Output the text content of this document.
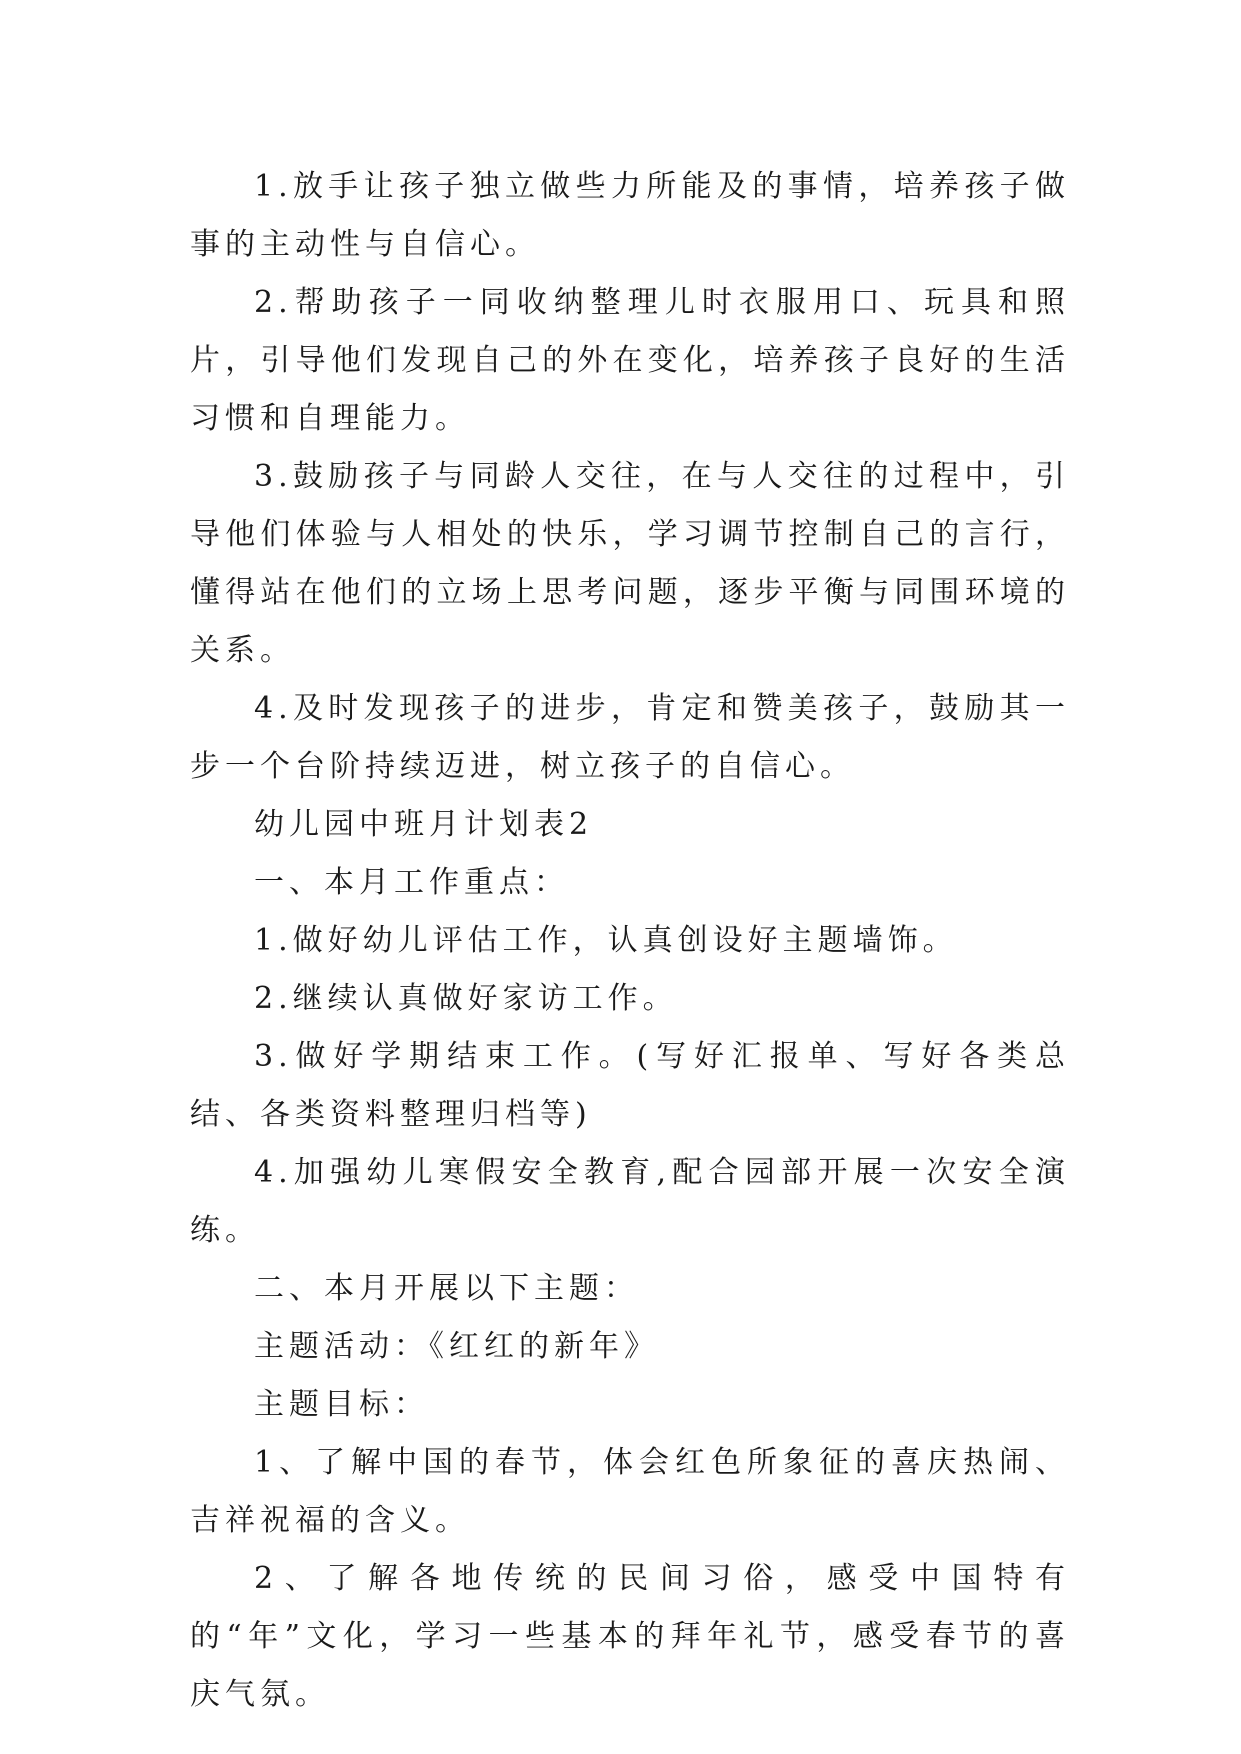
1.放手让孩子独立做些力所能及的事情，培养孩子做事的主动性与自信心。

2.帮助孩子一同收纳整理儿时衣服用口、玩具和照片，引导他们发现自己的外在变化，培养孩子良好的生活习惯和自理能力。

3.鼓励孩子与同龄人交往，在与人交往的过程中，引导他们体验与人相处的快乐，学习调节控制自己的言行，懂得站在他们的立场上思考问题，逐步平衡与同围环境的关系。

4.及时发现孩子的进步，肯定和赞美孩子，鼓励其一步一个台阶持续迈进，树立孩子的自信心。

幼儿园中班月计划表2

一、本月工作重点：

1.做好幼儿评估工作，认真创设好主题墙饰。

2.继续认真做好家访工作。

3.做好学期结束工作。(写好汇报单、写好各类总结、各类资料整理归档等)

4.加强幼儿寒假安全教育,配合园部开展一次安全演练。

二、本月开展以下主题：

主题活动：《红红的新年》

主题目标：

1、了解中国的春节，体会红色所象征的喜庆热闹、吉祥祝福的含义。

2、了解各地传统的民间习俗，感受中国特有的“年”文化，学习一些基本的拜年礼节，感受春节的喜庆气氛。
